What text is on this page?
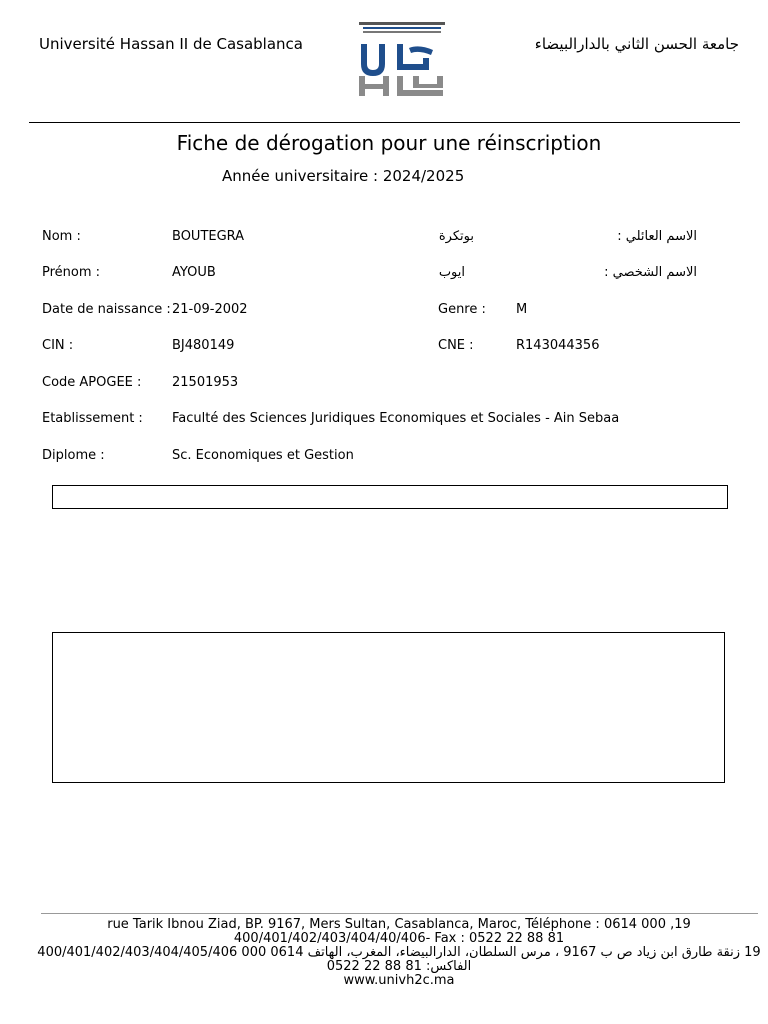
Université Hassan II de Casablanca	جامعة الحسن الثاني بالدارالبيضاء
Fiche de dérogation pour une réinscription
Année universitaire : 2024/2025
Nom :	BOUTEGRA	بوتكرة	الاسم العائلي :
Prénom :	AYOUB	ايوب	الاسم الشخصي :
Date de naissance : 21-09-2002	Genre : M
CIN :	BJ480149	CNE :	R143044356
Code APOGEE : 21501953
Etablissement : Faculté des Sciences Juridiques Economiques et Sociales - Ain Sebaa
Diplome :	Sc. Economiques et Gestion
rue Tarik Ibnou Ziad, BP. 9167, Mers Sultan, Casablanca, Maroc, Téléphone : 0614 000 ,19
400/401/402/403/404/40/406- Fax : 0522 22 88 81
19 زنقة طارق ابن زياد ص ب 9167 ، مرس السلطان، الدارالبيضاء، المغرب، الهاتف 0614 000 400/401/402/403/404/405/406
الفاكس: 81 88 22 0522
www.univh2c.ma
